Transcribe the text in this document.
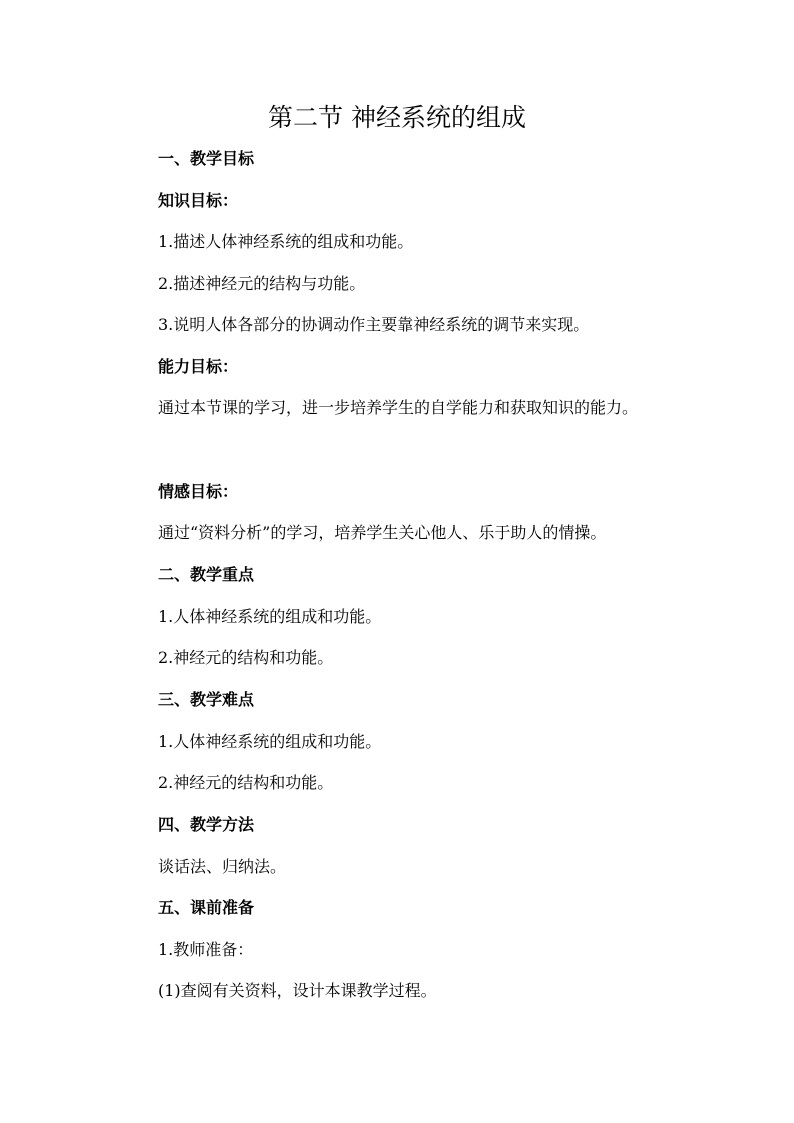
第二节 神经系统的组成

一、教学目标

知识目标：

1.描述人体神经系统的组成和功能。

2.描述神经元的结构与功能。

3.说明人体各部分的协调动作主要靠神经系统的调节来实现。

能力目标：

通过本节课的学习，进一步培养学生的自学能力和获取知识的能力。

情感目标：

通过“资料分析”的学习，培养学生关心他人、乐于助人的情操。

二、教学重点

1.人体神经系统的组成和功能。

2.神经元的结构和功能。

三、教学难点

1.人体神经系统的组成和功能。

2.神经元的结构和功能。

四、教学方法

谈话法、归纳法。

五、课前准备

1.教师准备：

(1)查阅有关资料，设计本课教学过程。
